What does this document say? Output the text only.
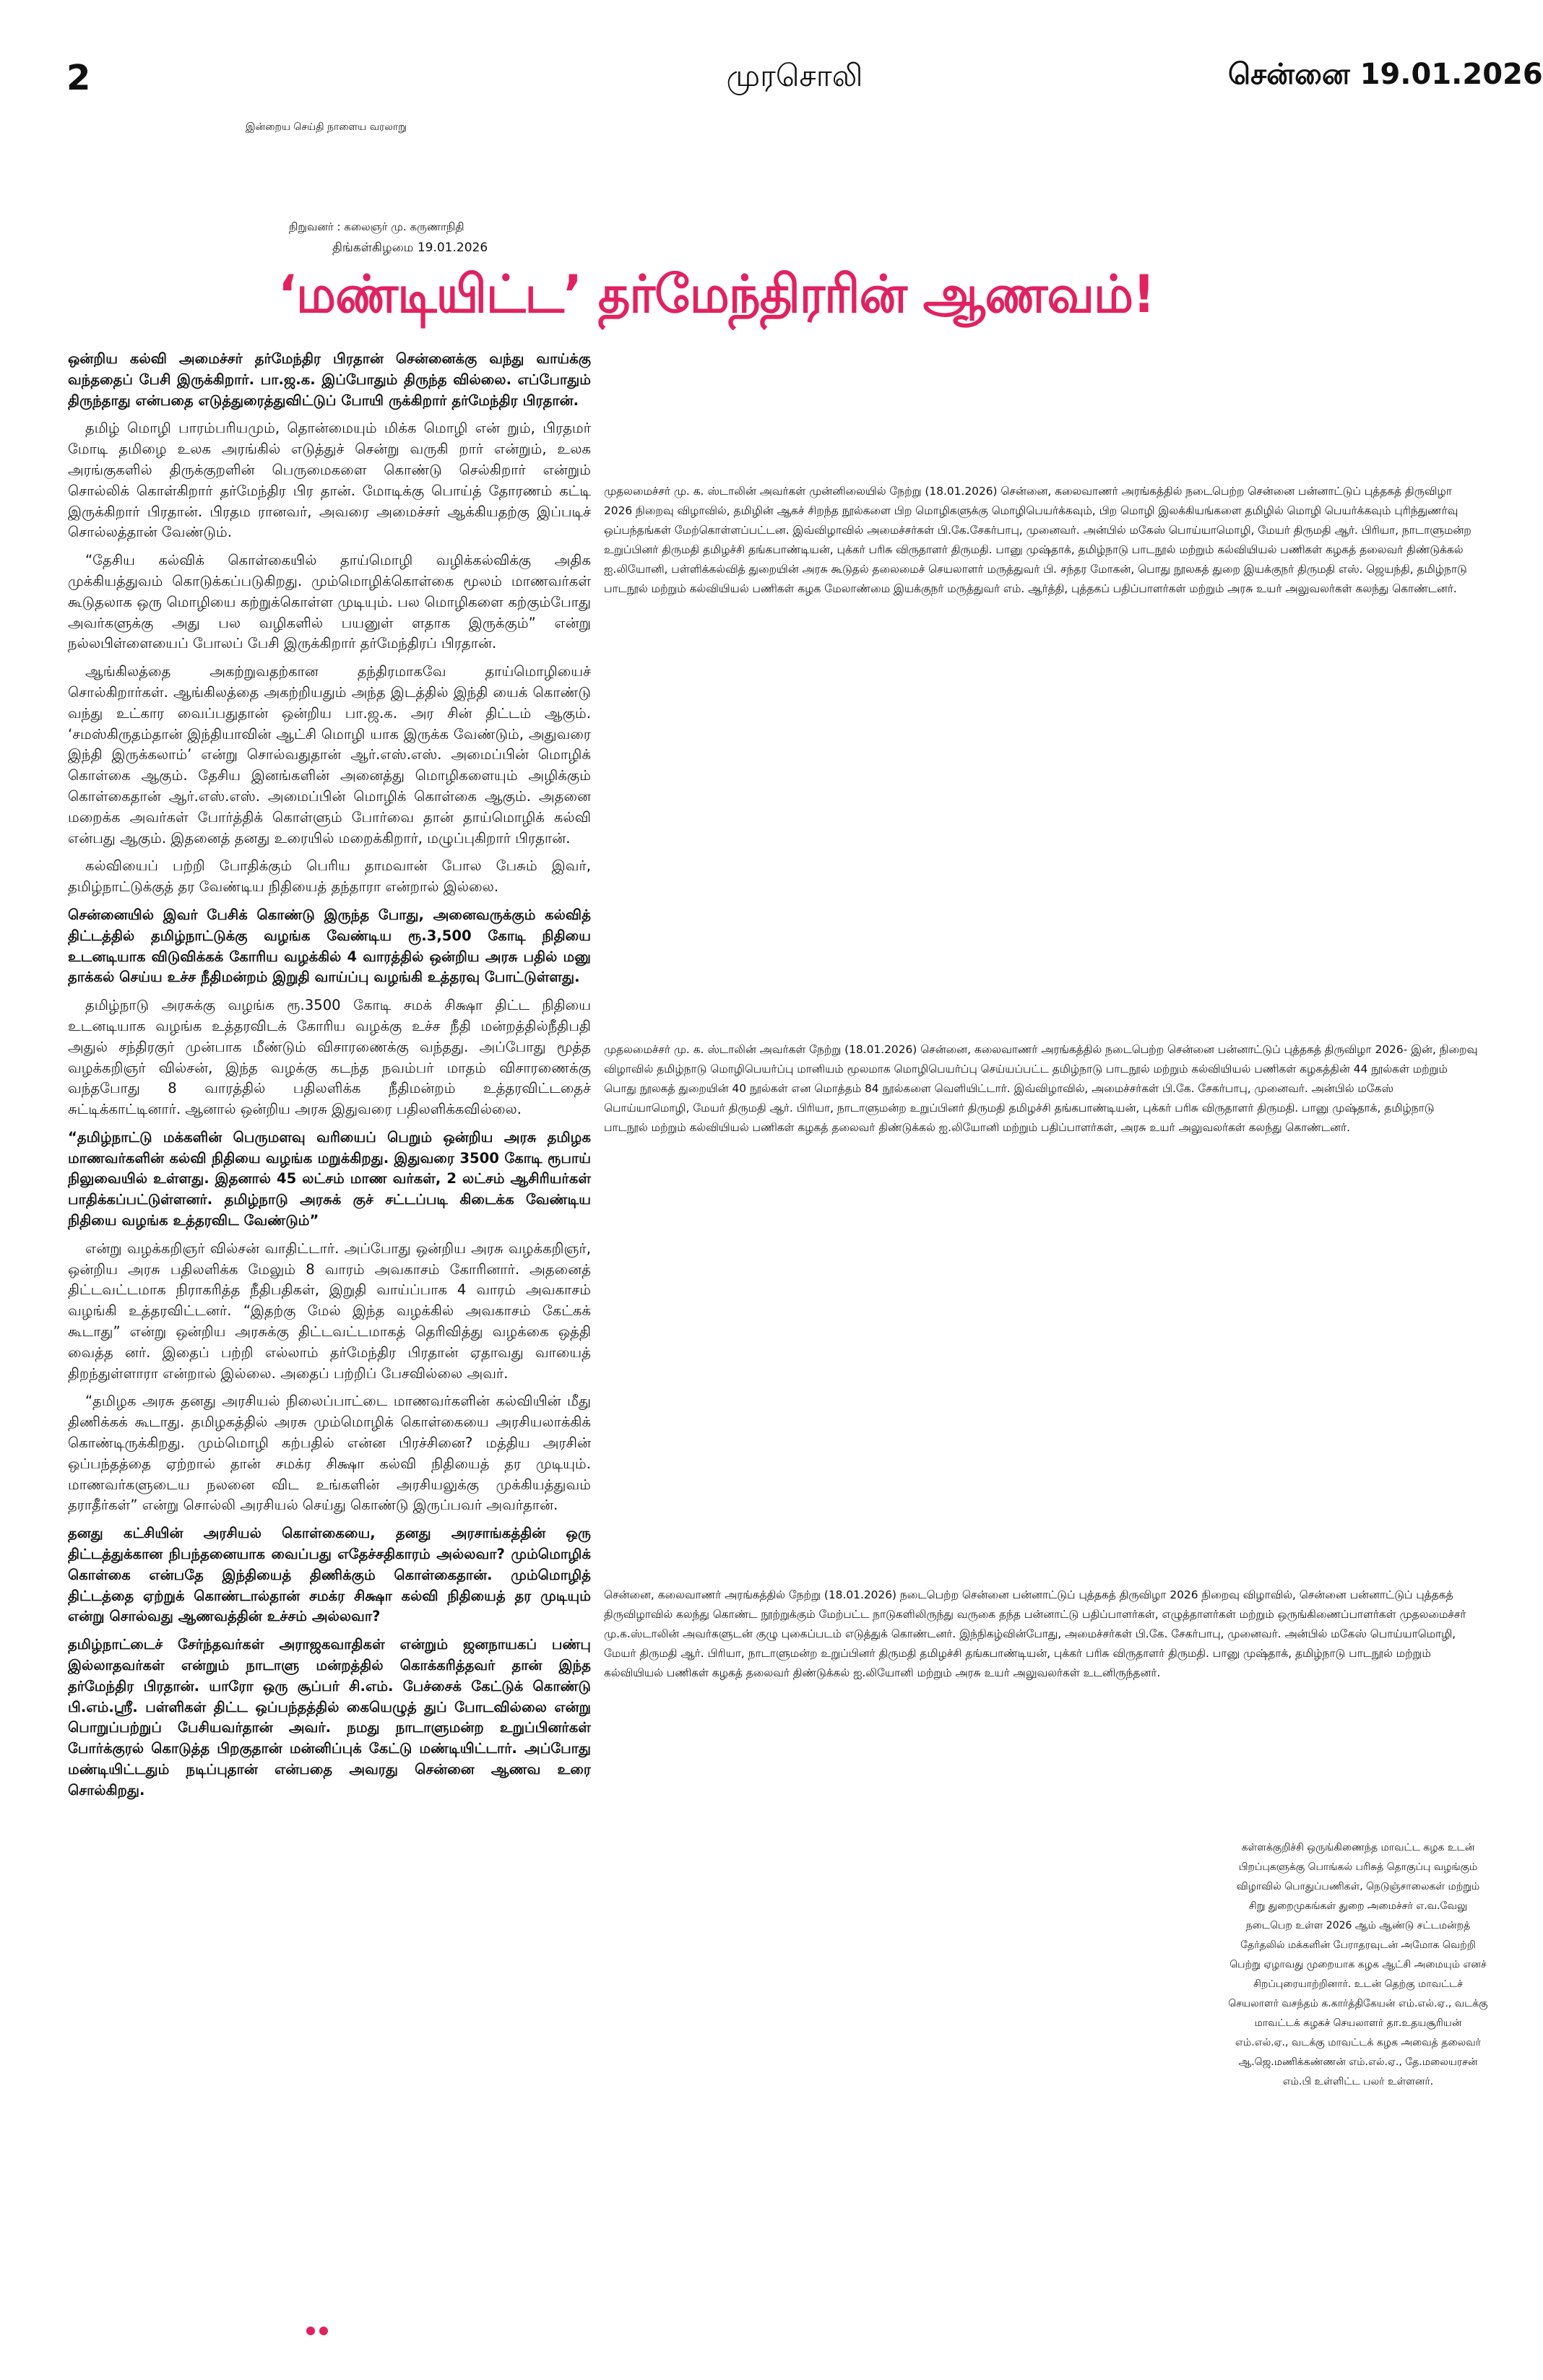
2	முரசொலி	சென்னை 19.01.2026
இன்றைய செய்தி நாளைய வரலாறு
நிறுவனர் : கலைஞர் மு. கருணாநிதி
திங்கள்கிழமை 19.01.2026
‘மண்டியிட்ட’ தர்மேந்திரரின் ஆணவம்!

ஒன்றிய கல்வி அமைச்சர் தர்மேந்திர பிரதான் சென்னைக்கு வந்து வாய்க்கு வந்ததைப் பேசி இருக்கிறார். பா.ஜ.க. இப்போதும் திருந்த வில்லை. எப்போதும் திருந்தாது என்பதை எடுத்துரைத்துவிட்டுப் போயி ருக்கிறார் தர்மேந்திர பிரதான்.

தமிழ் மொழி பாரம்பரியமும், தொன்மையும் மிக்க மொழி என் றும், பிரதமர் மோடி தமிழை உலக அரங்கில் எடுத்துச் சென்று வருகி றார் என்றும், உலக அரங்குகளில் திருக்குறளின் பெருமைகளை கொண்டு செல்கிறார் என்றும் சொல்லிக் கொள்கிறார் தர்மேந்திர பிர தான். மோடிக்கு பொய்த் தோரணம் கட்டி இருக்கிறார் பிரதான். பிரதம ரானவர், அவரை அமைச்சர் ஆக்கியதற்கு இப்படிச் சொல்லத்தான் வேண்டும்.

“தேசிய கல்விக் கொள்கையில் தாய்மொழி வழிக்கல்விக்கு அதிக முக்கியத்துவம் கொடுக்கப்படுகிறது. மும்மொழிக்கொள்கை மூலம் மாணவர்கள் கூடுதலாக ஒரு மொழியை கற்றுக்கொள்ள முடியும். பல மொழிகளை கற்கும்போது அவர்களுக்கு அது பல வழிகளில் பயனுள் ளதாக இருக்கும்” என்று நல்லபிள்ளையைப் போலப் பேசி இருக்கிறார் தர்மேந்திரப் பிரதான்.

ஆங்கிலத்தை அகற்றுவதற்கான தந்திரமாகவே தாய்மொழியைச் சொல்கிறார்கள். ஆங்கிலத்தை அகற்றியதும் அந்த இடத்தில் இந்தி யைக் கொண்டு வந்து உட்கார வைப்பதுதான் ஒன்றிய பா.ஜ.க. அர சின் திட்டம் ஆகும். ‘சமஸ்கிருதம்தான் இந்தியாவின் ஆட்சி மொழி யாக இருக்க வேண்டும், அதுவரை இந்தி இருக்கலாம்’ என்று சொல்வதுதான் ஆர்.எஸ்.எஸ். அமைப்பின் மொழிக் கொள்கை ஆகும். தேசிய இனங்களின் அனைத்து மொழிகளையும் அழிக்கும் கொள்கைதான் ஆர்.எஸ்.எஸ். அமைப்பின் மொழிக் கொள்கை ஆகும். அதனை மறைக்க அவர்கள் போர்த்திக் கொள்ளும் போர்வை தான் தாய்மொழிக் கல்வி என்பது ஆகும். இதனைத் தனது உரையில் மறைக்கிறார், மழுப்புகிறார் பிரதான்.

கல்வியைப் பற்றி போதிக்கும் பெரிய தாமவான் போல பேசும் இவர், தமிழ்நாட்டுக்குத் தர வேண்டிய நிதியைத் தந்தாரா என்றால் இல்லை.

சென்னையில் இவர் பேசிக் கொண்டு இருந்த போது, அனைவருக்கும் கல்வித் திட்டத்தில் தமிழ்நாட்டுக்கு வழங்க வேண்டிய ரூ.3,500 கோடி நிதியை உடனடியாக விடுவிக்கக் கோரிய வழக்கில் 4 வாரத்தில் ஒன்றிய அரசு பதில் மனு தாக்கல் செய்ய உச்ச நீதிமன்றம் இறுதி வாய்ப்பு வழங்கி உத்தரவு போட்டுள்ளது.

தமிழ்நாடு அரசுக்கு வழங்க ரூ.3500 கோடி சமக் சிக்ஷா திட்ட நிதியை உடனடியாக வழங்க உத்தரவிடக் கோரிய வழக்கு உச்ச நீதி மன்றத்தில்நீதிபதி அதுல் சந்திரகுர் முன்பாக மீண்டும் விசாரணைக்கு வந்தது. அப்போது மூத்த வழக்கறிஞர் வில்சன், இந்த வழக்கு கடந்த நவம்பர் மாதம் விசாரணைக்கு வந்தபோது 8 வாரத்தில் பதிலளிக்க நீதிமன்றம் உத்தரவிட்டதைச் சுட்டிக்காட்டினார். ஆனால் ஒன்றிய அரசு இதுவரை பதிலளிக்கவில்லை.

“தமிழ்நாட்டு மக்களின் பெருமளவு வரியைப் பெறும் ஒன்றிய அரசு தமிழக மாணவர்களின் கல்வி நிதியை வழங்க மறுக்கிறது. இதுவரை 3500 கோடி ரூபாய் நிலுவையில் உள்ளது. இதனால் 45 லட்சம் மாண வர்கள், 2 லட்சம் ஆசிரியர்கள் பாதிக்கப்பட்டுள்ளனர். தமிழ்நாடு அரசுக் குச் சட்டப்படி கிடைக்க வேண்டிய நிதியை வழங்க உத்தரவிட வேண்டும்”

என்று வழக்கறிஞர் வில்சன் வாதிட்டார். அப்போது ஒன்றிய அரசு வழக்கறிஞர், ஒன்றிய அரசு பதிலளிக்க மேலும் 8 வாரம் அவகாசம் கோரினார். அதனைத் திட்டவட்டமாக நிராகரித்த நீதிபதிகள், இறுதி வாய்ப்பாக 4 வாரம் அவகாசம் வழங்கி உத்தரவிட்டனர். “இதற்கு மேல் இந்த வழக்கில் அவகாசம் கேட்கக் கூடாது” என்று ஒன்றிய அரசுக்கு திட்டவட்டமாகத் தெரிவித்து வழக்கை ஒத்தி வைத்த னர். இதைப் பற்றி எல்லாம் தர்மேந்திர பிரதான் ஏதாவது வாயைத் திறந்துள்ளாரா என்றால் இல்லை. அதைப் பற்றிப் பேசவில்லை அவர்.

“தமிழக அரசு தனது அரசியல் நிலைப்பாட்டை மாணவர்களின் கல்வியின் மீது திணிக்கக் கூடாது. தமிழகத்தில் அரசு மும்மொழிக் கொள்கையை அரசியலாக்கிக் கொண்டிருக்கிறது. மும்மொழி கற்பதில் என்ன பிரச்சினை? மத்திய அரசின் ஒப்பந்தத்தை ஏற்றால் தான் சமக்ர சிக்ஷா கல்வி நிதியைத் தர முடியும். மாணவர்களுடைய நலனை விட உங்களின் அரசியலுக்கு முக்கியத்துவம் தராதீர்கள்” என்று சொல்லி அரசியல் செய்து கொண்டு இருப்பவர் அவர்தான்.

தனது கட்சியின் அரசியல் கொள்கையை, தனது அரசாங்கத்தின் ஒரு திட்டத்துக்கான நிபந்தனையாக வைப்பது எதேச்சதிகாரம் அல்லவா? மும்மொழிக் கொள்கை என்பதே இந்தியைத் திணிக்கும் கொள்கைதான். மும்மொழித் திட்டத்தை ஏற்றுக் கொண்டால்தான் சமக்ர சிக்ஷா கல்வி நிதியைத் தர முடியும் என்று சொல்வது ஆணவத்தின் உச்சம் அல்லவா?

தமிழ்நாட்டைச் சேர்ந்தவர்கள் அராஜகவாதிகள் என்றும் ஜனநாயகப் பண்பு இல்லாதவர்கள் என்றும் நாடாளு மன்றத்தில் கொக்கரித்தவர் தான் இந்த தர்மேந்திர பிரதான். யாரோ ஒரு சூப்பர் சி.எம். பேச்சைக் கேட்டுக் கொண்டு பி.எம்.ஸ்ரீ. பள்ளிகள் திட்ட ஒப்பந்தத்தில் கையெழுத் துப் போடவில்லை என்று பொறுப்பற்றுப் பேசியவர்தான் அவர். நமது நாடாளுமன்ற உறுப்பினர்கள் போர்க்குரல் கொடுத்த பிறகுதான் மன்னிப்புக் கேட்டு மண்டியிட்டார். அப்போது மண்டியிட்டதும் நடிப்புதான் என்பதை அவரது சென்னை ஆணவ உரை சொல்கிறது.

முதலமைச்சர் மு. க. ஸ்டாலின் அவர்கள் முன்னிலையில் நேற்று (18.01.2026) சென்னை, கலைவாணர் அரங்கத்தில் நடைபெற்ற சென்னை பன்னாட்டுப் புத்தகத் திருவிழா 2026 நிறைவு விழாவில், தமிழின் ஆகச் சிறந்த நூல்களை பிற மொழிகளுக்கு மொழிபெயர்க்கவும், பிற மொழி இலக்கியங்களை தமிழில் மொழி பெயர்க்கவும் புரிந்துணர்வு ஒப்பந்தங்கள் மேற்கொள்ளப்பட்டன. இவ்விழாவில் அமைச்சர்கள் பி.கே.சேகர்பாபு, முனைவர். அன்பில் மகேஸ் பொய்யாமொழி, மேயர் திருமதி ஆர். பிரியா, நாடாளுமன்ற உறுப்பினர் திருமதி தமிழச்சி தங்கபாண்டியன், புக்கர் பரிசு விருதாளர் திருமதி. பானு முஷ்தாக், தமிழ்நாடு பாடநூல் மற்றும் கல்வியியல் பணிகள் கழகத் தலைவர் திண்டுக்கல் ஐ.லியோனி, பள்ளிக்கல்வித் துறையின் அரசு கூடுதல் தலைமைச் செயலாளர் மருத்துவர் பி. சந்தர மோகன், பொது நூலகத் துறை இயக்குநர் திருமதி எஸ். ஜெயந்தி, தமிழ்நாடு பாடநூல் மற்றும் கல்வியியல் பணிகள் கழக மேலாண்மை இயக்குநர் மருத்துவர் எம். ஆர்த்தி, புத்தகப் பதிப்பாளர்கள் மற்றும் அரசு உயர் அலுவலர்கள் கலந்து கொண்டனர்.
முதலமைச்சர் மு. க. ஸ்டாலின் அவர்கள் நேற்று (18.01.2026) சென்னை, கலைவாணர் அரங்கத்தில் நடைபெற்ற சென்னை பன்னாட்டுப் புத்தகத் திருவிழா 2026- இன், நிறைவு விழாவில் தமிழ்நாடு மொழிபெயர்ப்பு மானியம் மூலமாக மொழிபெயர்ப்பு செய்யப்பட்ட தமிழ்நாடு பாடநூல் மற்றும் கல்வியியல் பணிகள் கழகத்தின் 44 நூல்கள் மற்றும் பொது நூலகத் துறையின் 40 நூல்கள் என மொத்தம் 84 நூல்களை வெளியிட்டார். இவ்விழாவில், அமைச்சர்கள் பி.கே. சேகர்பாபு, முனைவர். அன்பில் மகேஸ் பொய்யாமொழி, மேயர் திருமதி ஆர். பிரியா, நாடாளுமன்ற உறுப்பினர் திருமதி தமிழச்சி தங்கபாண்டியன், புக்கர் பரிசு விருதாளர் திருமதி. பானு முஷ்தாக், தமிழ்நாடு பாடநூல் மற்றும் கல்வியியல் பணிகள் கழகத் தலைவர் திண்டுக்கல் ஐ.லியோனி மற்றும் பதிப்பாளர்கள், அரசு உயர் அலுவலர்கள் கலந்து கொண்டனர்.
சென்னை, கலைவாணர் அரங்கத்தில் நேற்று (18.01.2026) நடைபெற்ற சென்னை பன்னாட்டுப் புத்தகத் திருவிழா 2026 நிறைவு விழாவில், சென்னை பன்னாட்டுப் புத்தகத் திருவிழாவில் கலந்து கொண்ட நூற்றுக்கும் மேற்பட்ட நாடுகளிலிருந்து வருகை தந்த பன்னாட்டு பதிப்பாளர்கள், எழுத்தாளர்கள் மற்றும் ஒருங்கிணைப்பாளர்கள் முதலமைச்சர் மு.க.ஸ்டாலின் அவர்களுடன் குழு புகைப்படம் எடுத்துக் கொண்டனர். இந்நிகழ்வின்போது, அமைச்சர்கள் பி.கே. சேகர்பாபு, முனைவர். அன்பில் மகேஸ் பொய்யாமொழி, மேயர் திருமதி ஆர். பிரியா, நாடாளுமன்ற உறுப்பினர் திருமதி தமிழச்சி தங்கபாண்டியன், புக்கர் பரிசு விருதாளர் திருமதி. பானு முஷ்தாக், தமிழ்நாடு பாடநூல் மற்றும் கல்வியியல் பணிகள் கழகத் தலைவர் திண்டுக்கல் ஐ.லியோனி மற்றும் அரசு உயர் அலுவலர்கள் உடனிருந்தனர்.
கள்ளக்குறிச்சி ஒருங்கிணைந்த மாவட்ட கழக உடன் பிறப்புகளுக்கு பொங்கல் பரிசுத் தொகுப்பு வழங்கும் விழாவில் பொதுப்பணிகள், நெடுஞ்சாலைகள் மற்றும் சிறு துறைமுகங்கள் துறை அமைச்சர் எ.வ.வேலு நடைபெற உள்ள 2026 ஆம் ஆண்டு சட்டமன்றத் தேர்தலில் மக்களின் பேராதரவுடன் அமோக வெற்றி பெற்று ஏழாவது முறையாக கழக ஆட்சி அமையும் எனச் சிறப்புரையாற்றினார். உடன் தெற்கு மாவட்டச் செயலாளர் வசந்தம் க.கார்த்திகேயன் எம்.எல்.ஏ., வடக்கு மாவட்டக் கழகச் செயலாளர் தா.உதயசூரியன் எம்.எல்.ஏ., வடக்கு மாவட்டக் கழக அவைத் தலைவர் ஆ.ஜெ.மணிக்கண்ணன் எம்.எல்.ஏ., தே.மலையரசன் எம்.பி உள்ளிட்ட பலர் உள்ளனர்.
